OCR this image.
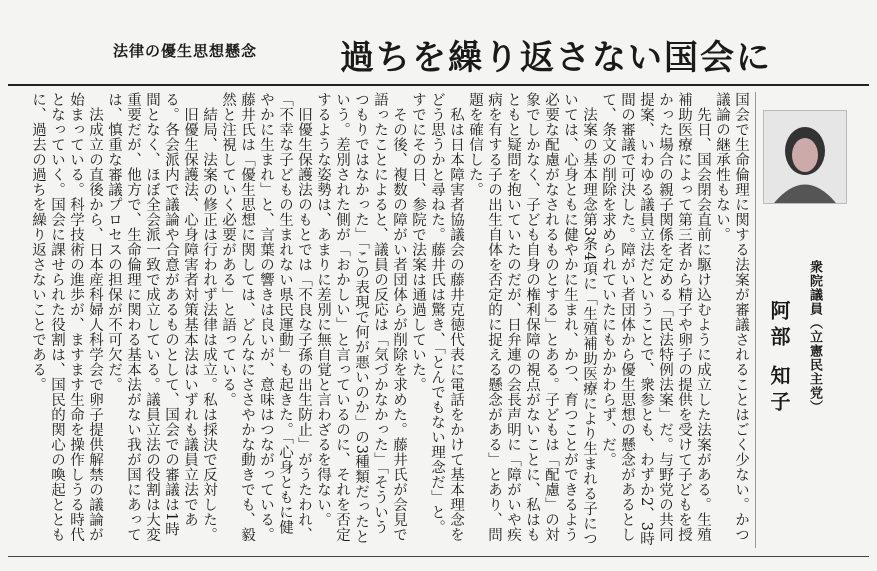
法律の優生思想懸念 過ちを繰り返さない国会に
衆院議員（立憲民主党）
阿部 知子

国会で生命倫理に関する法案が審議されることはごく少ない。かつ議論の継承性もない。
　先日、国会閉会直前に駆け込むように成立した法案がある。生殖補助医療によって第三者から精子や卵子の提供を受けて子どもを授かった場合の親子関係を定める「民法特例法案」だ。与野党の共同提案、いわゆる議員立法だということで、衆参とも、わずか2、3時間の審議で可決した。障がい者団体から優生思想の懸念があるとして、条文の削除を求められていたにもかかわらず、だ。
　法案の基本理念第3条4項に「生殖補助医療により生まれる子については、心身ともに健やかに生まれ、かつ、育つことができるよう必要な配慮がなされるものとする」とある。子どもは「配慮」の対象でしかなく、子ども自身の権利保障の視点がないことに、私はもともと疑問を抱いていたのだが、日弁連の会長声明に「障がいや疾病を有する子の出生自体を否定的に捉える懸念がある」とあり、問題を確信した。
　私は日本障害者協議会の藤井克徳代表に電話をかけて基本理念をどう思うかと尋ねた。藤井氏は驚き、「とんでもない理念だ」と。すでにその日、参院で法案は通過していた。
　その後、複数の障がい者団体らが削除を求めた。藤井氏が会見で語ったことによると、議員の反応は「気づかなかった」「そういうつもりではなかった」「この表現で何が悪いのか」の3種類だったという。差別された側が「おかしい」と言っているのに、それを否定するような姿勢は、あまりに差別に無自覚と言わざるを得ない。
　旧優生保護法のもとでは「不良な子孫の出生防止」がうたわれ、「不幸な子どもの生まれない県民運動」も起きた。「心身ともに健やかに生まれ」と、言葉の響きは良いが、意味はつながっている。藤井氏は「優生思想に関しては、どんなにささやかな動きでも、毅然と注視していく必要がある」と語っている。
　結局、法案の修正は行われず法律は成立。私は採決で反対した。
　旧優生保護法、心身障害者対策基本法はいずれも議員立法である。各会派内で議論や合意があるものとして、国会での審議は1時間となく、ほぼ全会派一致で成立している。議員立法の役割は大変重要だが、他方で、生命倫理に関わる基本法がない我が国にあっては、慎重な審議プロセスの担保が不可欠だ。
　法成立の直後から、日本産科婦人科学会で卵子提供解禁の議論が始まっている。科学技術の進歩が、ますます生命を操作しうる時代となっていく。国会に課せられた役割は、国民的関心の喚起とともに、過去の過ちを繰り返さないことである。
